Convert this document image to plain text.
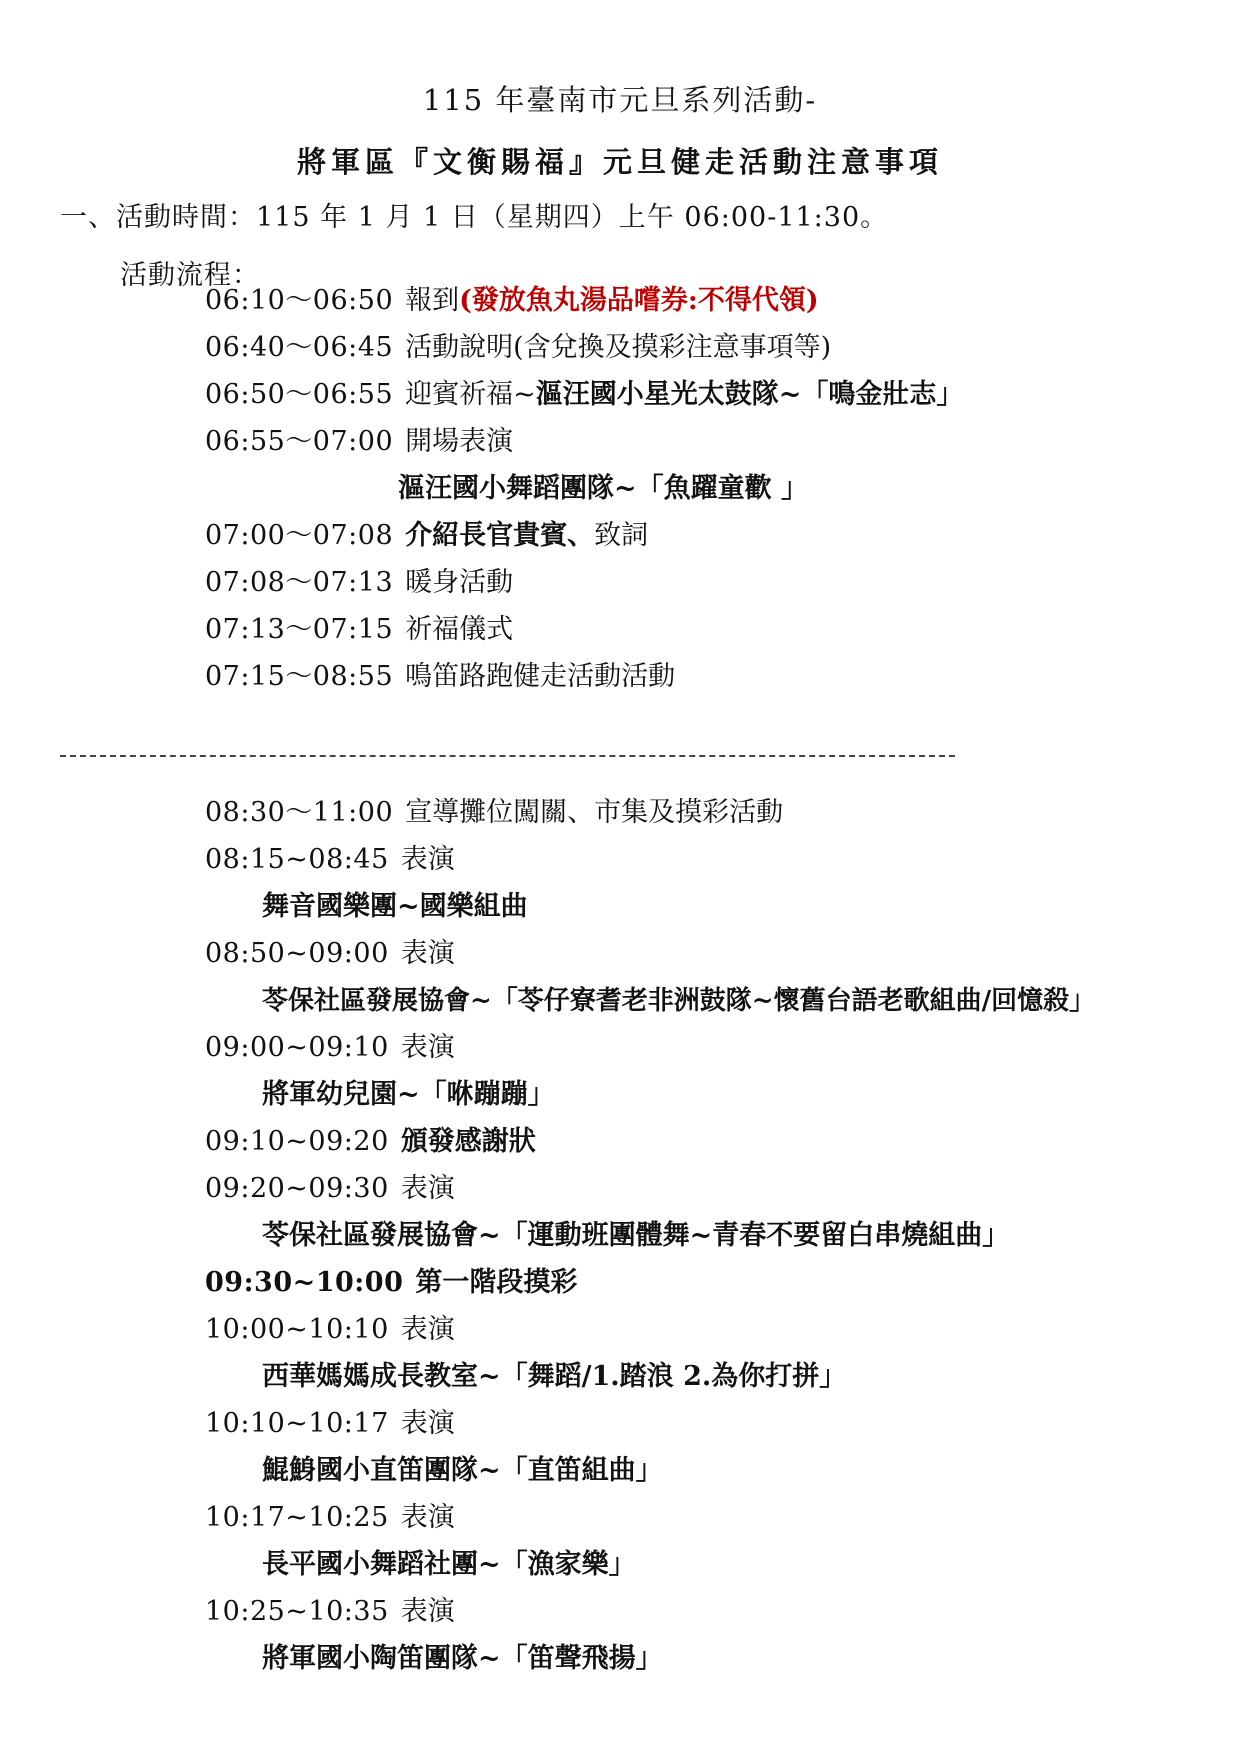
115 年臺南市元旦系列活動-
將軍區『文衡賜福』元旦健走活動注意事項
一、活動時間：115 年 1 月 1 日（星期四）上午 06:00-11:30。
活動流程：
06:10～06:50 報到(發放魚丸湯品嚐券:不得代領)
06:40～06:45 活動說明(含兌換及摸彩注意事項等)
06:50～06:55 迎賓祈福~漚汪國小星光太鼓隊~「鳴金壯志」
06:55～07:00 開場表演
漚汪國小舞蹈團隊~「魚躍童歡 」
07:00～07:08 介紹長官貴賓、致詞
07:08～07:13 暖身活動
07:13～07:15 祈福儀式
07:15～08:55 鳴笛路跑健走活動活動
08:30～11:00 宣導攤位闖關、市集及摸彩活動
08:15~08:45 表演
舞音國樂團~國樂組曲
08:50~09:00 表演
苓保社區發展協會~「苓仔寮耆老非洲鼓隊~懷舊台語老歌組曲/回憶殺」
09:00~09:10 表演
將軍幼兒園~「咻蹦蹦」
09:10~09:20 頒發感謝狀
09:20~09:30 表演
苓保社區發展協會~「運動班團體舞~青春不要留白串燒組曲」
09:30~10:00 第一階段摸彩
10:00~10:10 表演
西華媽媽成長教室~「舞蹈/1.踏浪 2.為你打拼」
10:10~10:17 表演
鯤鯓國小直笛團隊~「直笛組曲」
10:17~10:25 表演
長平國小舞蹈社團~「漁家樂」
10:25~10:35 表演
將軍國小陶笛團隊~「笛聲飛揚」
